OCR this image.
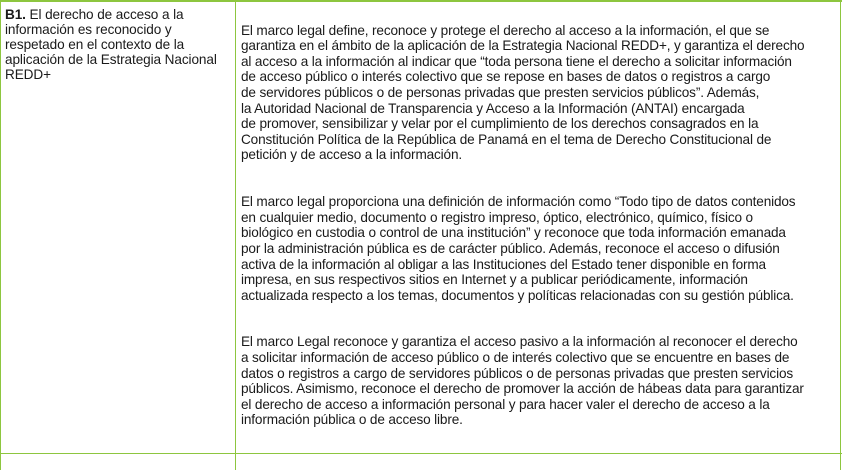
B1. El derecho de acceso a la
información es reconocido y
respetado en el contexto de la
aplicación de la Estrategia Nacional
REDD+

El marco legal define, reconoce y protege el derecho al acceso a la información, el que se
garantiza en el ámbito de la aplicación de la Estrategia Nacional REDD+, y garantiza el derecho
al acceso a la información al indicar que “toda persona tiene el derecho a solicitar información
de acceso público o interés colectivo que se repose en bases de datos o registros a cargo
de servidores públicos o de personas privadas que presten servicios públicos”. Además,
la Autoridad Nacional de Transparencia y Acceso a la Información (ANTAI) encargada
de promover, sensibilizar y velar por el cumplimiento de los derechos consagrados en la
Constitución Política de la República de Panamá en el tema de Derecho Constitucional de
petición y de acceso a la información.

El marco legal proporciona una definición de información como “Todo tipo de datos contenidos
en cualquier medio, documento o registro impreso, óptico, electrónico, químico, físico o
biológico en custodia o control de una institución” y reconoce que toda información emanada
por la administración pública es de carácter público. Además, reconoce el acceso o difusión
activa de la información al obligar a las Instituciones del Estado tener disponible en forma
impresa, en sus respectivos sitios en Internet y a publicar periódicamente, información
actualizada respecto a los temas, documentos y políticas relacionadas con su gestión pública.

El marco Legal reconoce y garantiza el acceso pasivo a la información al reconocer el derecho
a solicitar información de acceso público o de interés colectivo que se encuentre en bases de
datos o registros a cargo de servidores públicos o de personas privadas que presten servicios
públicos. Asimismo, reconoce el derecho de promover la acción de hábeas data para garantizar
el derecho de acceso a información personal y para hacer valer el derecho de acceso a la
información pública o de acceso libre.
